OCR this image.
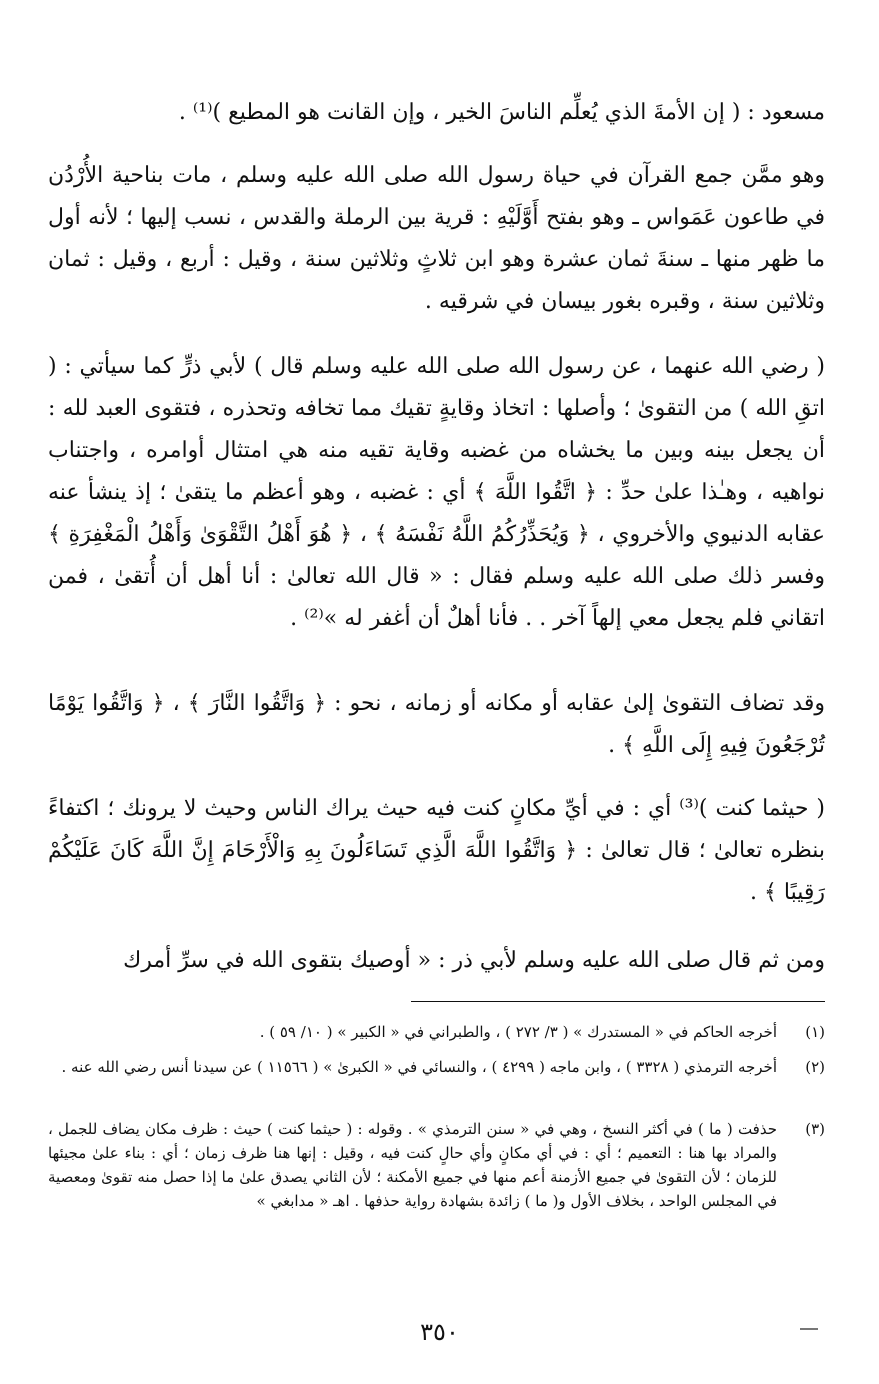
مسعود : ( إن الأمةَ الذي يُعلِّم الناسَ الخير ، وإن القانت هو المطيع )⁽¹⁾ .

وهو ممَّن جمع القرآن في حياة رسول الله صلى الله عليه وسلم ، مات بناحية الأُرْدُن في طاعون عَمَواس ـ وهو بفتح أَوَّلَيْهِ : قرية بين الرملة والقدس ، نسب إليها ؛ لأنه أول ما ظهر منها ـ سنةَ ثمان عشرة وهو ابن ثلاثٍ وثلاثين سنة ، وقيل : أربع ، وقيل : ثمان وثلاثين سنة ، وقبره بغور بيسان في شرقيه .

( رضي الله عنهما ، عن رسول الله صلى الله عليه وسلم قال ) لأبي ذرٍّ كما سيأتي : ( اتقِ الله ) من التقوىٰ ؛ وأصلها : اتخاذ وقايةٍ تقيك مما تخافه وتحذره ، فتقوى العبد لله : أن يجعل بينه وبين ما يخشاه من غضبه وقاية تقيه منه هي امتثال أوامره ، واجتناب نواهيه ، وهـٰذا علىٰ حدِّ : ﴿ اتَّقُوا اللَّهَ ﴾ أي : غضبه ، وهو أعظم ما يتقىٰ ؛ إذ ينشأ عنه عقابه الدنيوي والأخروي ، ﴿ وَيُحَذِّرُكُمُ اللَّهُ نَفْسَهُ ﴾ ، ﴿ هُوَ أَهْلُ التَّقْوَىٰ وَأَهْلُ الْمَغْفِرَةِ ﴾ وفسر ذلك صلى الله عليه وسلم فقال : « قال الله تعالىٰ : أنا أهل أن أُتقىٰ ، فمن اتقاني فلم يجعل معي إلهاً آخر . . فأنا أهلٌ أن أغفر له »⁽²⁾ .

وقد تضاف التقوىٰ إلىٰ عقابه أو مكانه أو زمانه ، نحو : ﴿ وَاتَّقُوا النَّارَ ﴾ ، ﴿ وَاتَّقُوا يَوْمًا تُرْجَعُونَ فِيهِ إِلَى اللَّهِ ﴾ .

( حيثما كنت )⁽³⁾ أي : في أيِّ مكانٍ كنت فيه حيث يراك الناس وحيث لا يرونك ؛ اكتفاءً بنظره تعالىٰ ؛ قال تعالىٰ : ﴿ وَاتَّقُوا اللَّهَ الَّذِي تَسَاءَلُونَ بِهِ وَالْأَرْحَامَ إِنَّ اللَّهَ كَانَ عَلَيْكُمْ رَقِيبًا ﴾ .

ومن ثم قال صلى الله عليه وسلم لأبي ذر : « أوصيك بتقوى الله في سرِّ أمرك

(١)
أخرجه الحاكم في « المستدرك » ( ٣/ ٢٧٢ ) ، والطبراني في « الكبير » ( ١٠/ ٥٩ ) .
(٢)
أخرجه الترمذي ( ٣٣٢٨ ) ، وابن ماجه ( ٤٢٩٩ ) ، والنسائي في « الكبرىٰ » ( ١١٥٦٦ ) عن سيدنا أنس رضي الله عنه .
(٣)
حذفت ( ما ) في أكثر النسخ ، وهي في « سنن الترمذي » . وقوله : ( حيثما كنت ) حيث : ظرف مكان يضاف للجمل ، والمراد بها هنا : التعميم ؛ أي : في أي مكانٍ وأي حالٍ كنت فيه ، وقيل : إنها هنا ظرف زمان ؛ أي : بناء علىٰ مجيئها للزمان ؛ لأن التقوىٰ في جميع الأزمنة أعم منها في جميع الأمكنة ؛ لأن الثاني يصدق علىٰ ما إذا حصل منه تقوىٰ ومعصية في المجلس الواحد ، بخلاف الأول و( ما ) زائدة بشهادة رواية حذفها . اهـ « مدابغي »
٣٥٠
